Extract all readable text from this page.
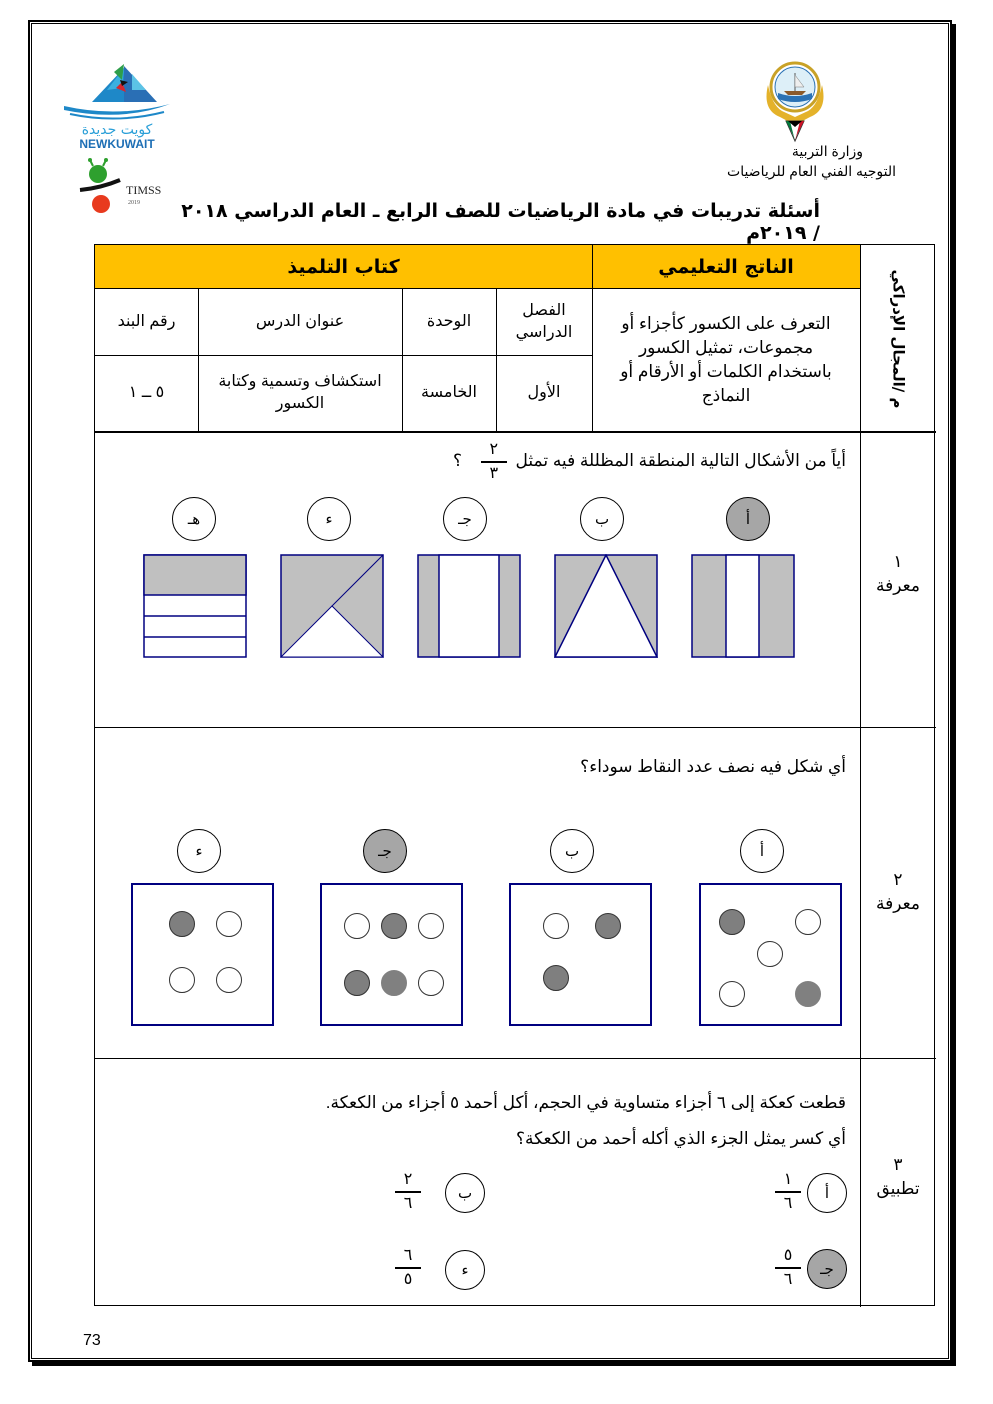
كويت جديدة
NEWKUWAIT
TIMSS
2019
وزارة التربية
التوجيه الفني العام للرياضيات
أسئلة تدريبات في مادة الرياضيات للصف الرابع ـ العام الدراسي ٢٠١٨ / ٢٠١٩م
كتاب التلميذ	الناتج التعليمي
م /المجال الإدراكي
الفصل الدراسي
الوحدة
عنوان الدرس
رقم البند
الأول
الخامسة
استكشاف وتسمية وكتابة الكسور
٥ ــ ١
التعرف على الكسور كأجزاء أو مجموعات، تمثيل الكسور باستخدام الكلمات أو الأرقام أو النماذج
١
معرفة
أياً من الأشكال التالية المنطقة المظللة فيه تمثل
$\frac{٢}{٣}$
؟
أ
ب
جـ
ء
هـ
٢
معرفة
أي شكل فيه نصف عدد النقاط سوداء؟
أ
ب
جـ
ء
٣
تطبيق
قطعت كعكة إلى ٦ أجزاء متساوية في الحجم، أكل أحمد ٥ أجزاء من الكعكة.
أي كسر يمثل الجزء الذي أكله أحمد من الكعكة؟
أ
١
٦
ب
٢
٦
جـ
٥
٦
ء
٦
٥
73
